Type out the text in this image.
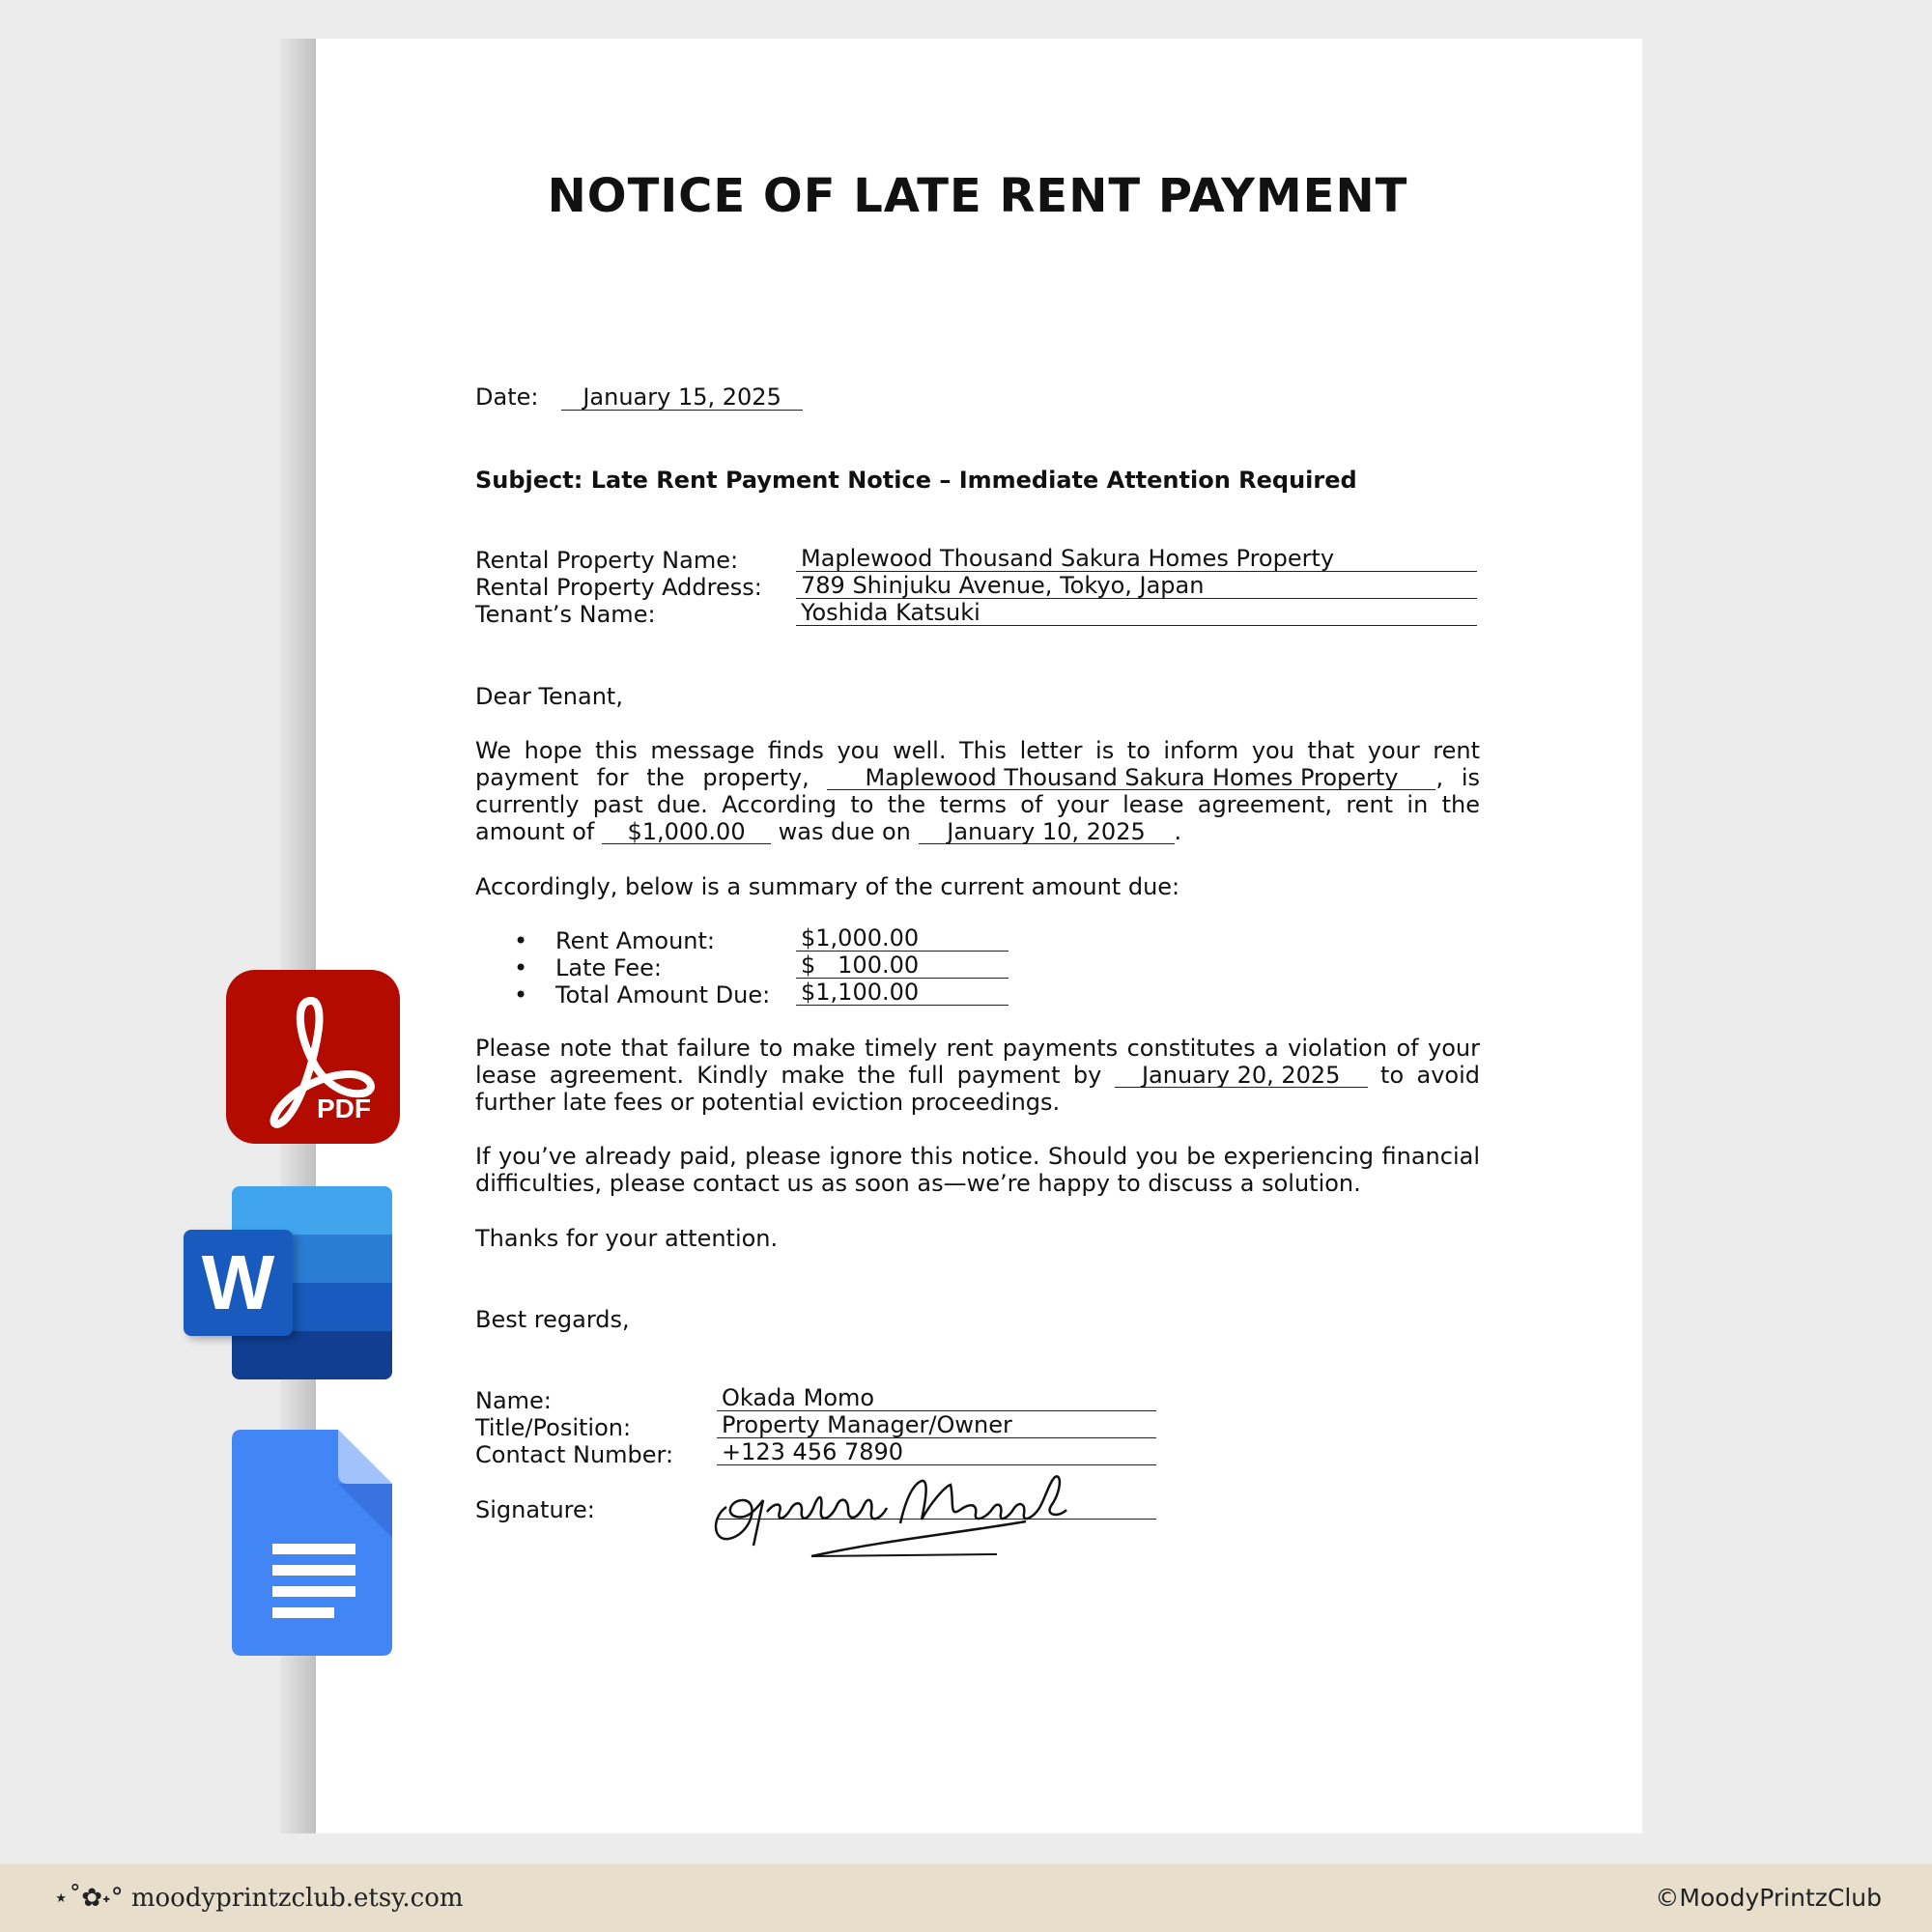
NOTICE OF LATE RENT PAYMENT
Date: January 15, 2025
Subject: Late Rent Payment Notice – Immediate Attention Required
Rental Property Name:	Maplewood Thousand Sakura Homes Property
Rental Property Address: 789 Shinjuku Avenue, Tokyo, Japan
Tenant’s Name:	Yoshida Katsuki
Dear Tenant,
We hope this message finds you well. This letter is to inform you that your rent payment for the property, Maplewood Thousand Sakura Homes Property , is currently past due. According to the terms of your lease agreement, rent in the amount of $1,000.00 was due on January 10, 2025 .
Accordingly, below is a summary of the current amount due:
• Rent Amount:	$1,000.00
• Late Fee:	$   100.00
• Total Amount Due: $1,100.00
Please note that failure to make timely rent payments constitutes a violation of your lease agreement. Kindly make the full payment by January 20, 2025 to avoid further late fees or potential eviction proceedings.
If you’ve already paid, please ignore this notice. Should you be experiencing financial difficulties, please contact us as soon as—we’re happy to discuss a solution.
Thanks for your attention.
Best regards,
Name:	Okada Momo
Title/Position:	Property Manager/Owner
Contact Number: +123 456 7890
Signature:
PDF
W
⋆˚✿˖° moodyprintzclub.etsy.com	©MoodyPrintzClub
